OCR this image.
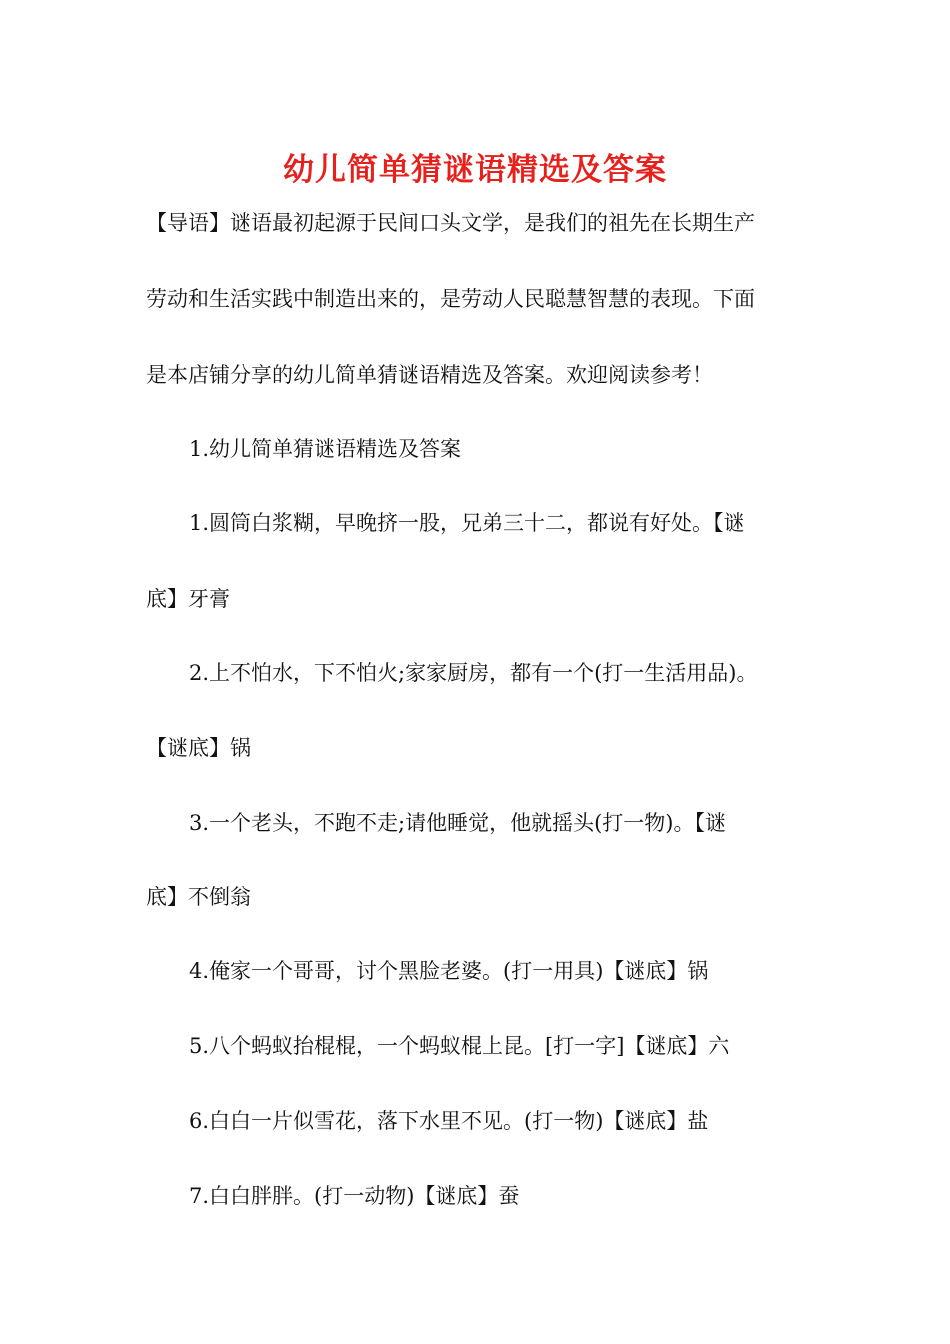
幼儿简单猜谜语精选及答案
【导语】谜语最初起源于民间口头文学，是我们的祖先在长期生产
劳动和生活实践中制造出来的，是劳动人民聪慧智慧的表现。下面
是本店铺分享的幼儿简单猜谜语精选及答案。欢迎阅读参考！
1.幼儿简单猜谜语精选及答案
1.圆筒白浆糊，早晚挤一股，兄弟三十二，都说有好处。【谜
底】牙膏
2.上不怕水，下不怕火;家家厨房，都有一个(打一生活用品)。
【谜底】锅
3.一个老头，不跑不走;请他睡觉，他就摇头(打一物)。【谜
底】不倒翁
4.俺家一个哥哥，讨个黑脸老婆。(打一用具)【谜底】锅
5.八个蚂蚁抬棍棍，一个蚂蚁棍上昆。[打一字]【谜底】六
6.白白一片似雪花，落下水里不见。(打一物)【谜底】盐
7.白白胖胖。(打一动物)【谜底】蚕
